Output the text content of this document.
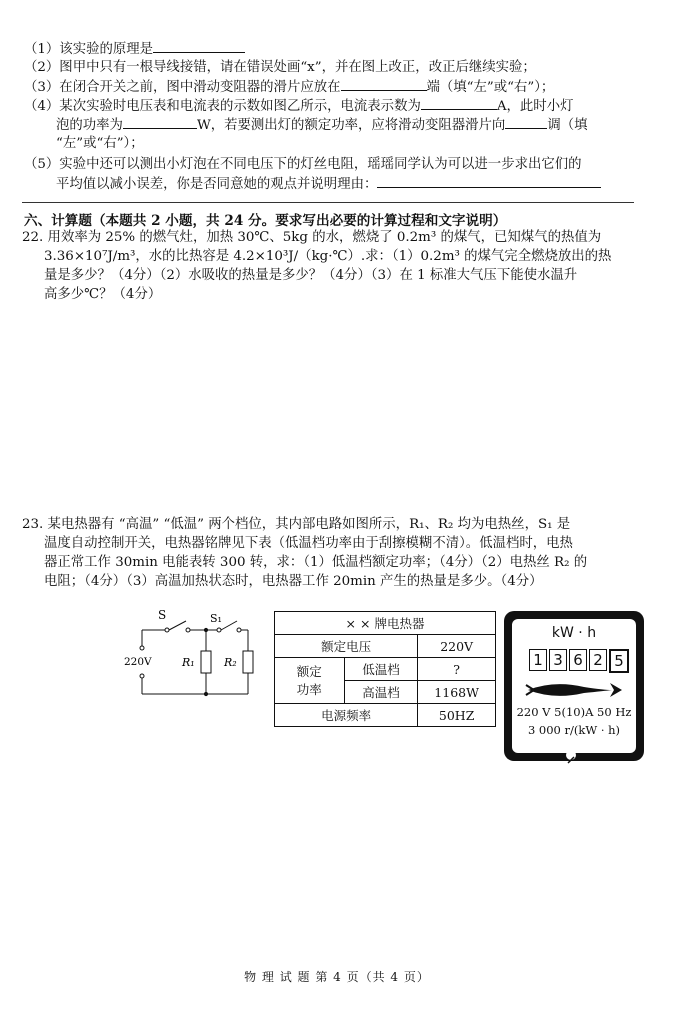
（1）该实验的原理是
（2）图甲中只有一根导线接错，请在错误处画“x”，并在图上改正，改正后继续实验；
（3）在闭合开关之前，图中滑动变阻器的滑片应放在	端（填“左”或“右”）；
（4）某次实验时电压表和电流表的示数如图乙所示，电流表示数为	A，此时小灯
泡的功率为	W，若要测出灯的额定功率，应将滑动变阻器滑片向	调（填
“左”或“右”）；
（5）实验中还可以测出小灯泡在不同电压下的灯丝电阻，瑶瑶同学认为可以进一步求出它们的
平均值以减小误差，你是否同意她的观点并说明理由：
六、计算题（本题共 2 小题，共 24 分。要求写出必要的计算过程和文字说明）
22. 用效率为 25% 的燃气灶，加热 30℃、5kg 的水，燃烧了 0.2m³ 的煤气，已知煤气的热值为
3.36×10⁷J/m³，水的比热容是 4.2×10³J/（kg·℃）.求：（1）0.2m³ 的煤气完全燃烧放出的热
量是多少？（4分）（2）水吸收的热量是多少？（4分）（3）在 1 标准大气压下能使水温升
高多少℃？（4分）
23. 某电热器有 “高温” “低温” 两个档位，其内部电路如图所示，R₁、R₂ 均为电热丝，S₁ 是
温度自动控制开关，电热器铭牌见下表（低温档功率由于刮擦模糊不清）。低温档时，电热
器正常工作 30min 电能表转 300 转，求：（1）低温档额定功率；（4分）（2）电热丝 R₂ 的
电阻；（4分）（3）高温加热状态时，电热器工作 20min 产生的热量是多少。（4分）
S	S₁
220V	R₁	R₂
× × 牌电热器		
额定电压		220V
额定
功率	低温档	?
	高温档	1168W
电源频率		50HZ
kW · h
1 3 6 2 5
220 V 5(10)A 50 Hz
3 000 r/(kW · h)
物 理 试 题 第 4 页（共 4 页）
